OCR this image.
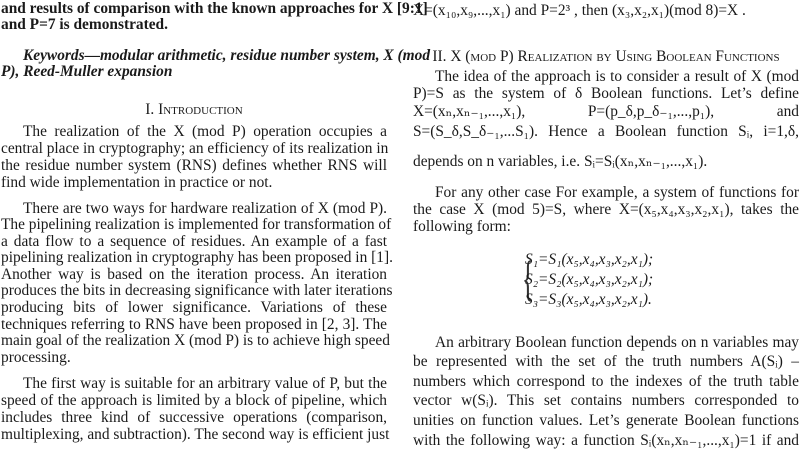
and results of comparison with the known approaches for X [9:1]
and P=7 is demonstrated.
Keywords—modular arithmetic, residue number system, X (mod
P), Reed-Muller expansion
I. Introduction
The realization of the X (mod P) operation occupies a
central place in cryptography; an efficiency of its realization in
the residue number system (RNS) defines whether RNS will
find wide implementation in practice or not.
There are two ways for hardware realization of X (mod P).
The pipelining realization is implemented for transformation of
a data flow to a sequence of residues. An example of a fast
pipelining realization in cryptography has been proposed in [1].
Another way is based on the iteration process. An iteration
produces the bits in decreasing significance with later iterations
producing bits of lower significance. Variations of these
techniques referring to RNS have been proposed in [2, 3]. The
main goal of the realization X (mod P) is to achieve high speed
processing.
The first way is suitable for an arbitrary value of P, but the
speed of the approach is limited by a block of pipeline, which
includes three kind of successive operations (comparison,
multiplexing, and subtraction). The second way is efficient just
{
X=(x₁₀,x₉,...,x₁) and P=2³ , then (x₃,x₂,x₁)(mod 8)=X .
II. X (mod P) Realization by Using Boolean Functions
The idea of the approach is to consider a result of X (mod
P)=S as the system of δ Boolean functions. Let’s define
X=(xₙ,xₙ₋₁,...,x₁), P=(p_δ,p_δ₋₁,...,p₁), and
S=(S_δ,S_δ₋₁,...S₁). Hence a Boolean function Sᵢ, i=1,δ,
depends on n variables, i.e. Sᵢ=Sᵢ(xₙ,xₙ₋₁,...,x₁).
For any other case For example, a system of functions for
the case X (mod 5)=S, where X=(x₅,x₄,x₃,x₂,x₁), takes the
following form:
S₁=S₁(x₅,x₄,x₃,x₂,x₁);
S₂=S₂(x₅,x₄,x₃,x₂,x₁);
S₃=S₃(x₅,x₄,x₃,x₂,x₁).
An arbitrary Boolean function depends on n variables may
be represented with the set of the truth numbers A(Sᵢ) –
numbers which correspond to the indexes of the truth table
vector w(Sᵢ). This set contains numbers corresponded to
unities on function values. Let’s generate Boolean functions
with the following way: a function Sᵢ(xₙ,xₙ₋₁,...,x₁)=1 if and
